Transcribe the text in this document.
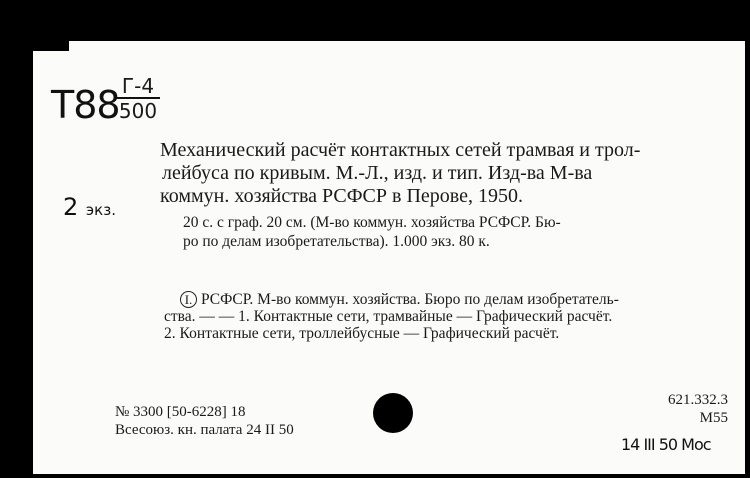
Т88 Г-4
500
2 экз.
Механический расчёт контактных сетей трамвая и трол-
лейбуса по кривым. М.-Л., изд. и тип. Изд-ва М-ва
коммун. хозяйства РСФСР в Перове, 1950.
20 с. с граф. 20 см. (М-во коммун. хозяйства РСФСР. Бю-
ро по делам изобретательства). 1.000 экз. 80 к.
I. РСФСР. М-во коммун. хозяйства. Бюро по делам изобретатель-
ства. — — 1. Контактные сети, трамвайные — Графический расчёт.
2. Контактные сети, троллейбусные — Графический расчёт.
№ 3300 [50-6228] 18
Всесоюз. кн. палата 24 II 50
621.332.3
М55
14 III 50 Мос
